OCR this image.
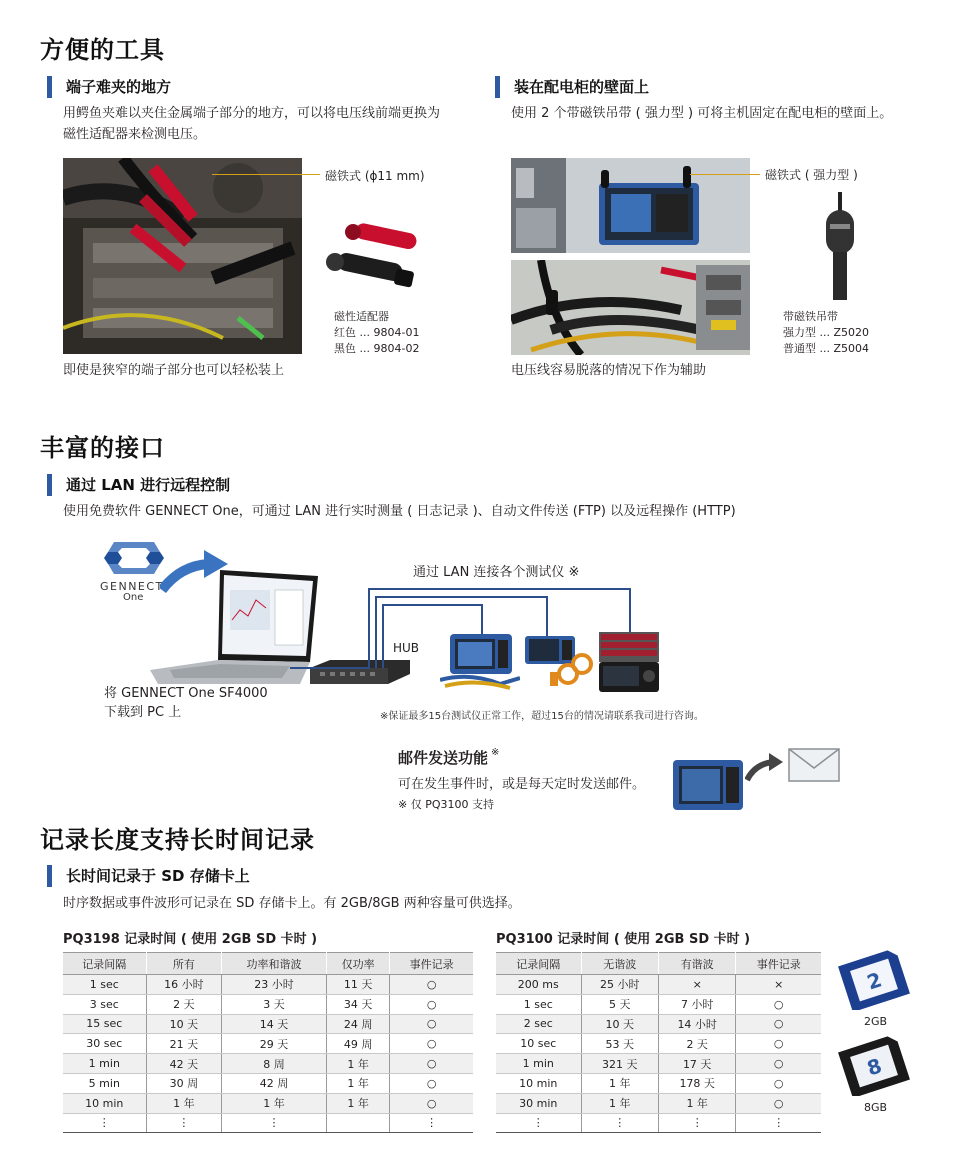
方便的工具
端子难夹的地方
用鳄鱼夹难以夹住金属端子部分的地方，可以将电压线前端更换为
磁性适配器来检测电压。
磁铁式 (ϕ11 mm)
磁性适配器
红色 ... 9804-01
黑色 ... 9804-02
即使是狭窄的端子部分也可以轻松装上
装在配电柜的壁面上
使用 2 个带磁铁吊带 ( 强力型 ) 可将主机固定在配电柜的壁面上。
磁铁式 ( 强力型 )
带磁铁吊带
强力型 ... Z5020
普通型 ... Z5004
电压线容易脱落的情况下作为辅助
丰富的接口
通过 LAN 进行远程控制
使用免费软件 GENNECT One，可通过 LAN 进行实时测量 ( 日志记录 )、自动文件传送 (FTP) 以及远程操作 (HTTP)
GENNECT
One
HUB
通过 LAN 连接各个测试仪 ※
将 GENNECT One SF4000
下载到 PC 上	※保证最多15台测试仪正常工作，超过15台的情况请联系我司进行咨询。
邮件发送功能 ※
可在发生事件时，或是每天定时发送邮件。
※ 仅 PQ3100 支持
记录长度支持长时间记录
长时间记录于 SD 存储卡上
时序数据或事件波形可记录在 SD 存储卡上。有 2GB/8GB 两种容量可供选择。
PQ3198 记录时间 ( 使用 2GB SD 卡时 )
记录间隔	所有	功率和谐波	仅功率	事件记录
1 sec	16 小时	23 小时	11 天	○
3 sec	2 天	3 天	34 天	○
15 sec	10 天	14 天	24 周	○
30 sec	21 天	29 天	49 周	○
1 min	42 天	8 周	1 年	○
5 min	30 周	42 周	1 年	○
10 min	1 年	1 年	1 年	○
⋮	⋮	⋮		⋮
PQ3100 记录时间 ( 使用 2GB SD 卡时 )
记录间隔	无谐波	有谐波	事件记录
200 ms	25 小时	×	×
1 sec	5 天	7 小时	○
2 sec	10 天	14 小时	○
10 sec	53 天	2 天	○
1 min	321 天	17 天	○
10 min	1 年	178 天	○
30 min	1 年	1 年	○
⋮	⋮	⋮	⋮
2
2GB
8
8GB
